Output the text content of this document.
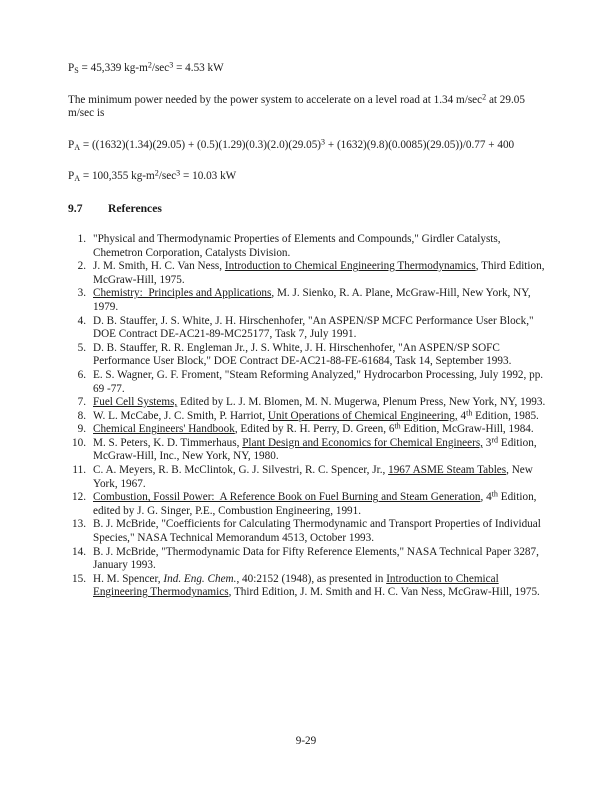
$P_S = 45,339$ $kg-m^2/\sec^3 = 4.53$ kW
The minimum power needed by the power system to accelerate on a level road at 1.34 $m/\sec^2$ at 29.05 m/sec is
$P_A = ((1632)(1.34)(29.05) + (0.5)(1.29)(0.3)(2.0)(29.05)^3 + (1632)(9.8)(0.0085)(29.05))/0.77 + 400$
$P_A = 100,355$ $kg-m^2/\sec^3 = 10.03$ kW
9.7	References
1. "Physical and Thermodynamic Properties of Elements and Compounds," Girdler Catalysts, Chemetron Corporation, Catalysts Division.
2. J. M. Smith, H. C. Van Ness, Introduction to Chemical Engineering Thermodynamics, Third Edition, McGraw-Hill, 1975.
3. Chemistry:  Principles and Applications, M. J. Sienko, R. A. Plane, McGraw-Hill, New York, NY, 1979.
4. D. B. Stauffer, J. S. White, J. H. Hirschenhofer, "An ASPEN/SP MCFC Performance User Block,"  DOE Contract DE-AC21-89-MC25177, Task 7, July 1991.
5. D. B. Stauffer, R. R. Engleman Jr., J. S. White, J. H. Hirschenhofer, "An ASPEN/SP SOFC Performance User Block," DOE Contract DE-AC21-88-FE-61684, Task 14, September 1993.
6. E. S. Wagner, G. F. Froment, "Steam Reforming Analyzed," Hydrocarbon Processing, July 1992, pp. 69 -77.
7. Fuel Cell Systems, Edited by L. J. M. Blomen, M. N. Mugerwa, Plenum Press, New York, NY, 1993.
8. W. L. McCabe, J. C. Smith, P. Harriot, Unit Operations of Chemical Engineering, 4th Edition, 1985.
9. Chemical Engineers' Handbook, Edited by R. H. Perry, D. Green, 6th Edition, McGraw-Hill, 1984.
10. M. S. Peters, K. D. Timmerhaus, Plant Design and Economics for Chemical Engineers, 3rd Edition, McGraw-Hill, Inc., New York, NY, 1980.
11. C. A. Meyers, R. B. McClintok, G. J. Silvestri, R. C. Spencer, Jr., 1967 ASME Steam Tables, New York, 1967.
12. Combustion, Fossil Power:  A Reference Book on Fuel Burning and Steam Generation, 4th Edition, edited by J. G. Singer, P.E., Combustion Engineering, 1991.
13. B. J. McBride, "Coefficients for Calculating Thermodynamic and Transport Properties of Individual Species," NASA Technical Memorandum 4513, October 1993.
14. B. J. McBride, "Thermodynamic Data for Fifty Reference Elements," NASA Technical Paper 3287, January 1993.
15. H. M. Spencer, Ind. Eng. Chem., 40:2152 (1948), as presented in Introduction to Chemical Engineering Thermodynamics, Third Edition, J. M. Smith and H. C. Van Ness, McGraw-Hill, 1975.
9-29
